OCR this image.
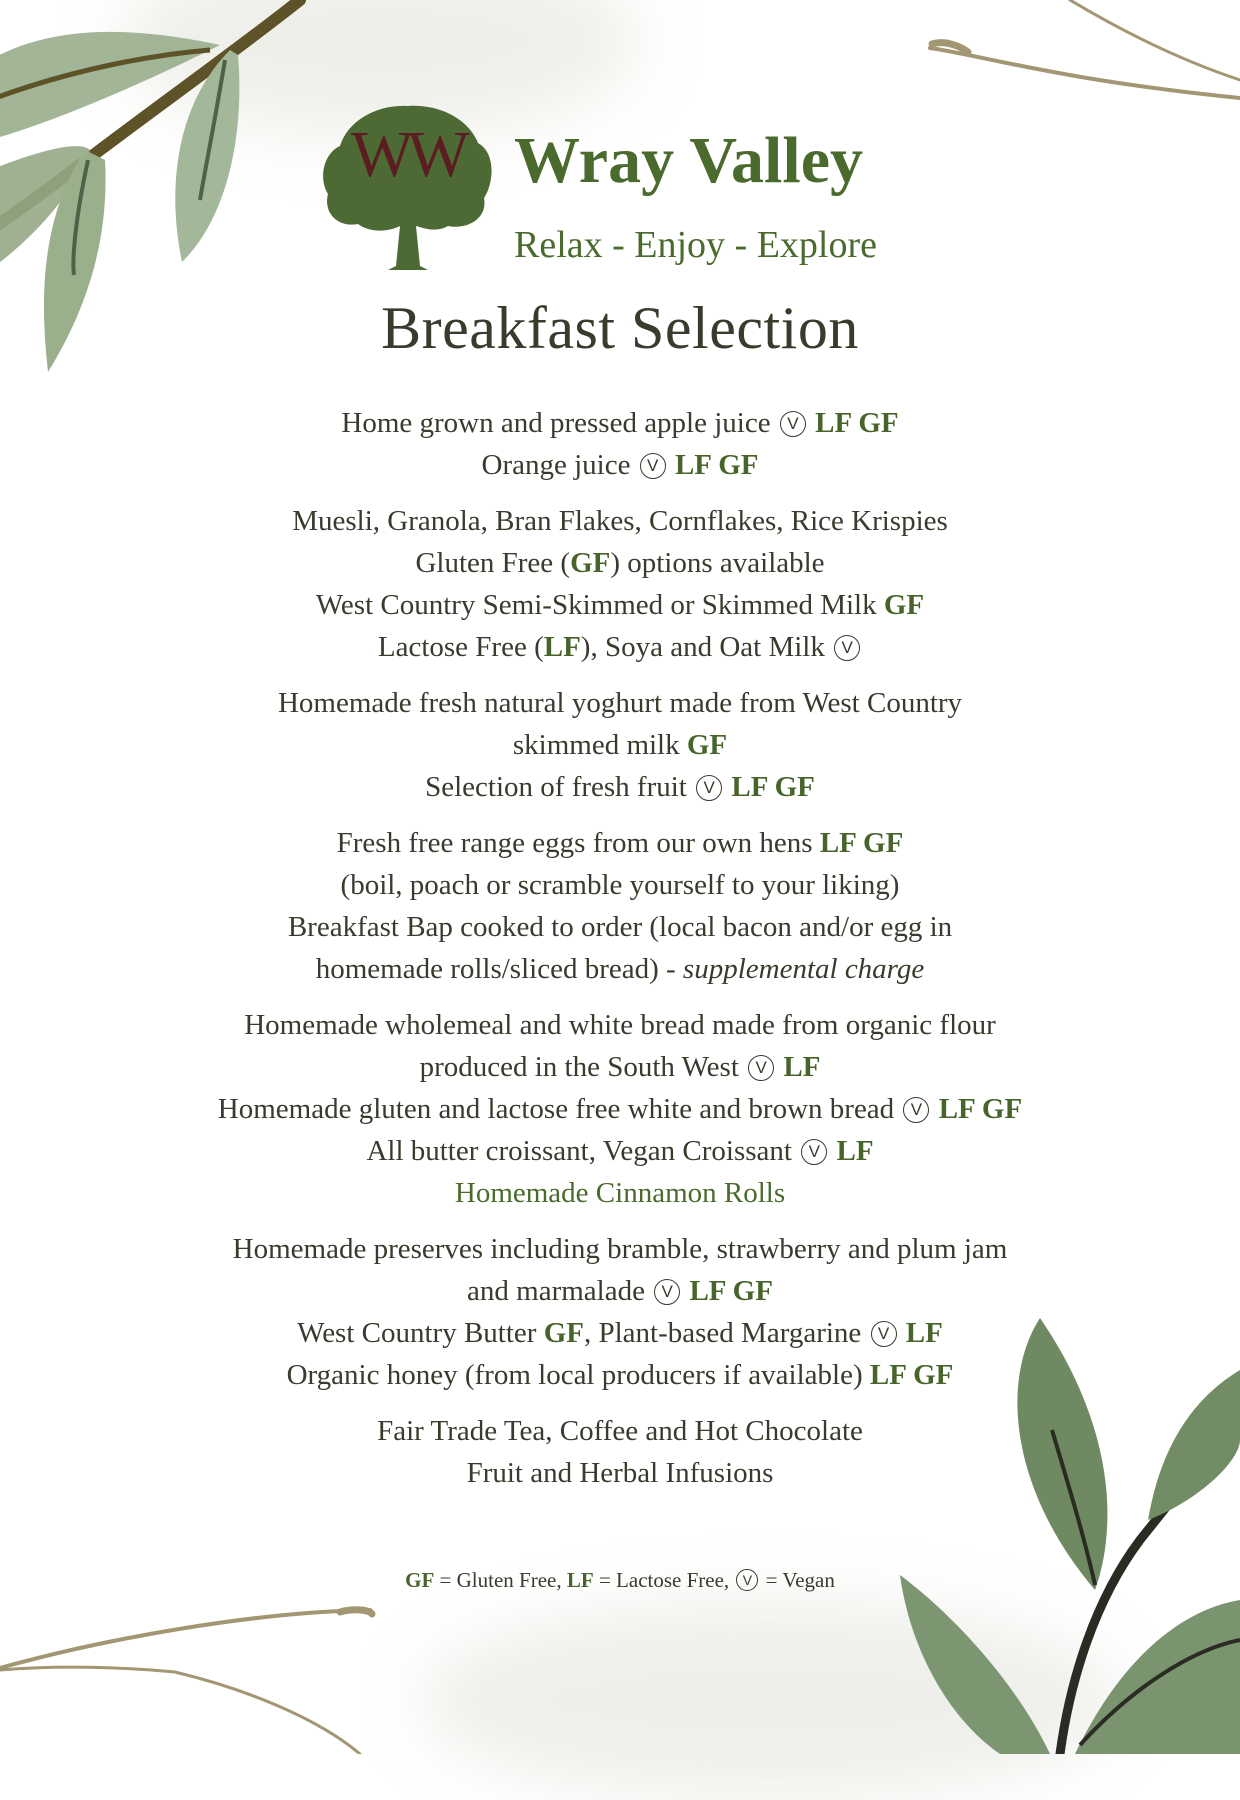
WW Wray Valley
Relax - Enjoy - Explore
Breakfast Selection
Home grown and pressed apple juice V LF GF
Orange juice V LF GF
Muesli, Granola, Bran Flakes, Cornflakes, Rice Krispies
Gluten Free (GF) options available
West Country Semi-Skimmed or Skimmed Milk GF
Lactose Free (LF), Soya and Oat Milk V
Homemade fresh natural yoghurt made from West Country
skimmed milk GF
Selection of fresh fruit V LF GF
Fresh free range eggs from our own hens LF GF
(boil, poach or scramble yourself to your liking)
Breakfast Bap cooked to order (local bacon and/or egg in
homemade rolls/sliced bread) - supplemental charge
Homemade wholemeal and white bread made from organic flour
produced in the South West V LF
Homemade gluten and lactose free white and brown bread V LF GF
All butter croissant, Vegan Croissant V LF
Homemade Cinnamon Rolls
Homemade preserves including bramble, strawberry and plum jam
and marmalade V LF GF
West Country Butter GF, Plant-based Margarine V LF
Organic honey (from local producers if available) LF GF
Fair Trade Tea, Coffee and Hot Chocolate
Fruit and Herbal Infusions
GF = Gluten Free, LF = Lactose Free, V = Vegan
